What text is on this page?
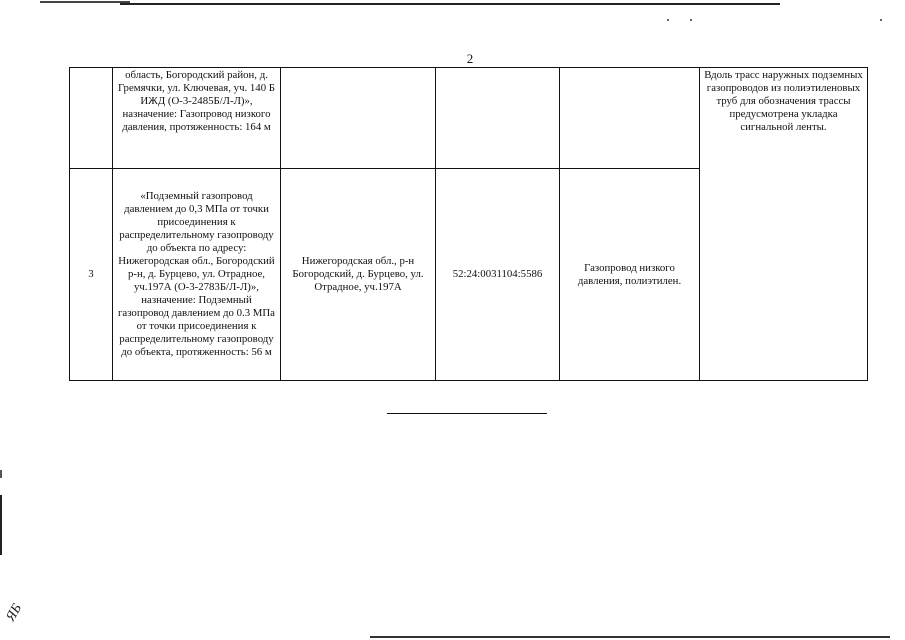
2
	область, Богородский район, д. Гремячки, ул. Ключевая, уч. 140 Б ИЖД (О-3-2485Б/Л-Л)», назначение: Газопровод низкого давления, протяженность: 164 м				Вдоль трасс наружных подземных газопроводов из полиэтиленовых труб для обозначения трассы предусмотрена укладка сигнальной ленты.
3	«Подземный газопровод давлением до 0,3 МПа от точки присоединения к распределительному газопроводу до объекта по адресу: Нижегородская обл., Богородский р-н, д. Бурцево, ул. Отрадное, уч.197А (О-3-2783Б/Л-Л)», назначение: Подземный газопровод давлением до 0.3 МПа от точки присоединения к распределительному газопроводу до объекта, протяженность: 56 м	Нижегородская обл., р-н Богородский, д. Бурцево, ул. Отрадное, уч.197А	52:24:0031104:5586	Газопровод низкого давления, полиэтилен.	
ЯБ
